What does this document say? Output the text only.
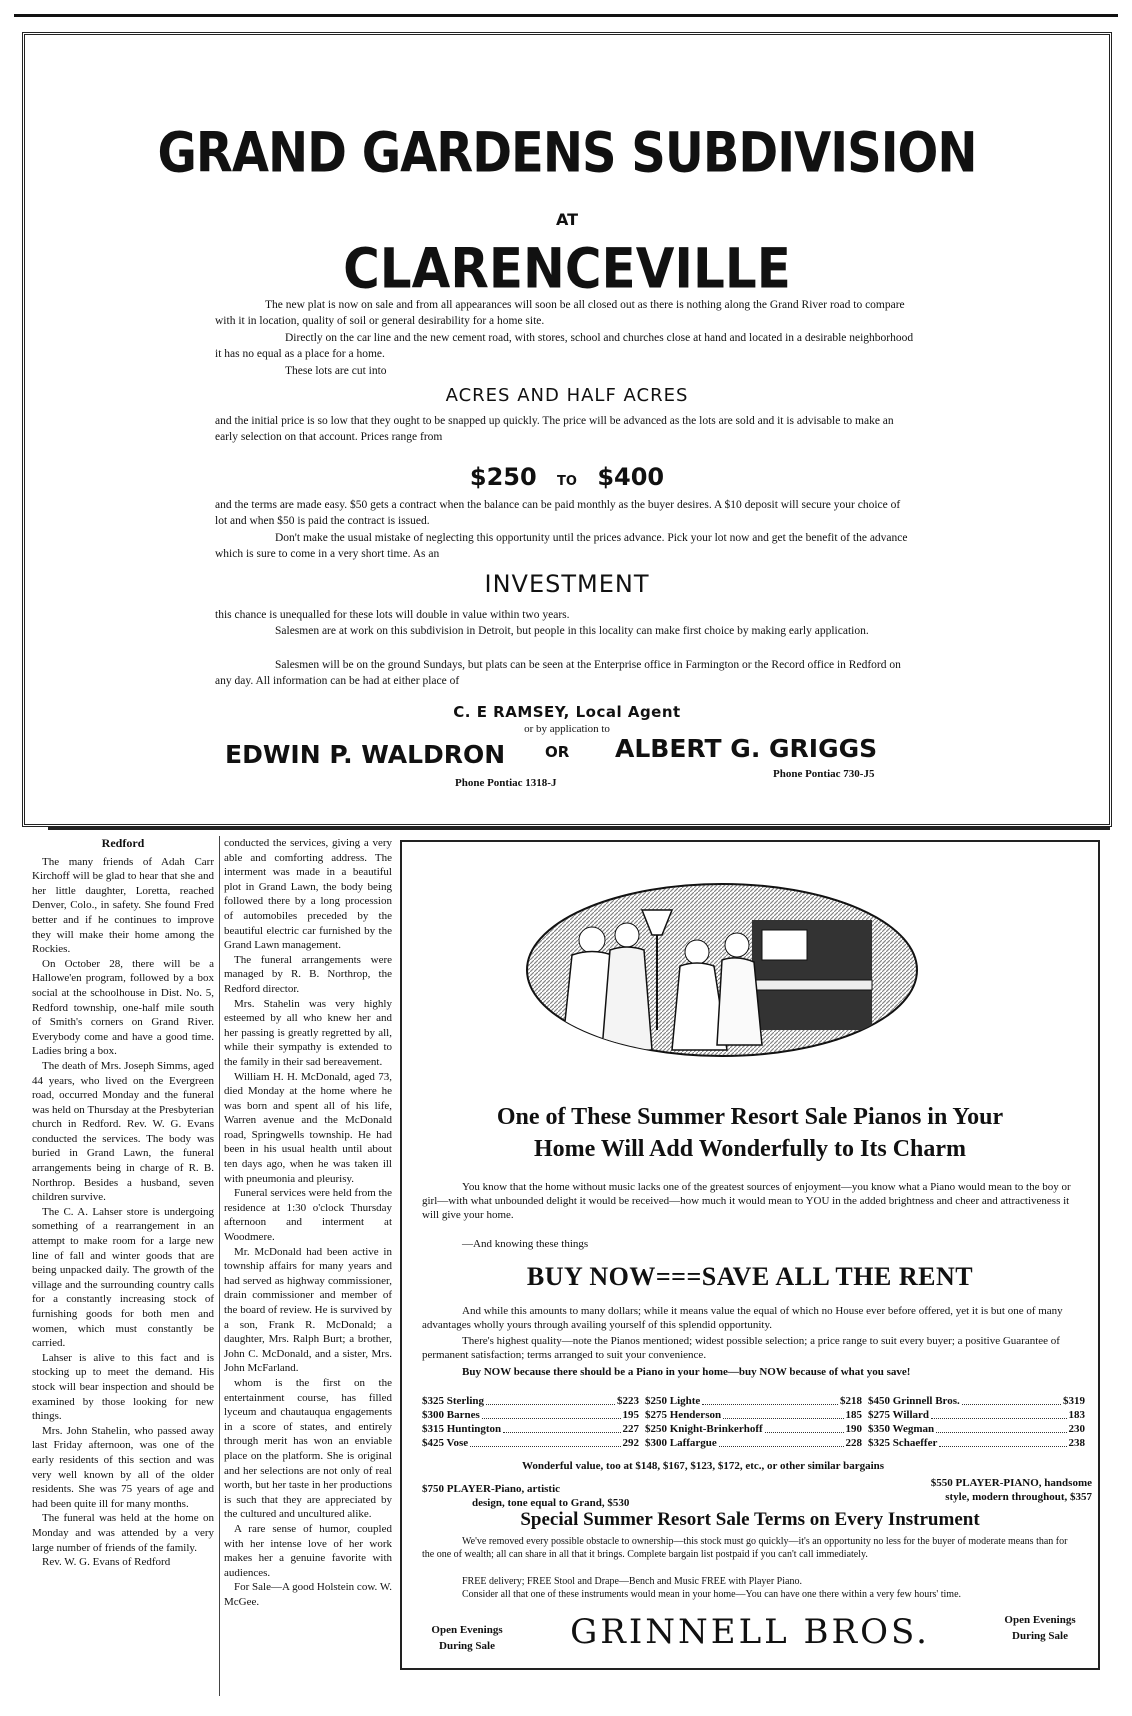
GRAND GARDENS SUBDIVISION
AT
CLARENCEVILLE

The new plat is now on sale and from all appearances will soon be all closed out as there is nothing along the Grand River road to compare with it in location, quality of soil or general desirability for a home site.

Directly on the car line and the new cement road, with stores, school and churches close at hand and located in a desirable neighborhood it has no equal as a place for a home.

These lots are cut into

ACRES AND HALF ACRES

and the initial price is so low that they ought to be snapped up quickly. The price will be advanced as the lots are sold and it is advisable to make an early selection on that account. Prices range from

$250 TO $400

and the terms are made easy. $50 gets a contract when the balance can be paid monthly as the buyer desires. A $10 deposit will secure your choice of lot and when $50 is paid the contract is issued.

Don't make the usual mistake of neglecting this opportunity until the prices advance. Pick your lot now and get the benefit of the advance which is sure to come in a very short time. As an

INVESTMENT

this chance is unequalled for these lots will double in value within two years.

Salesmen are at work on this subdivision in Detroit, but people in this locality can make first choice by making early application.

Salesmen will be on the ground Sundays, but plats can be seen at the Enterprise office in Farmington or the Record office in Redford on any day. All information can be had at either place of

C. E RAMSEY, Local Agent
or by application to
EDWIN P. WALDRON	OR ALBERT G. GRIGGS
Phone Pontiac 1318-J
Phone Pontiac 730-J5
Redford

The many friends of Adah Carr Kirchoff will be glad to hear that she and her little daughter, Loretta, reached Denver, Colo., in safety. She found Fred better and if he continues to improve they will make their home among the Rockies.

On October 28, there will be a Hallowe'en program, followed by a box social at the schoolhouse in Dist. No. 5, Redford township, one-half mile south of Smith's corners on Grand River. Everybody come and have a good time. Ladies bring a box.

The death of Mrs. Joseph Simms, aged 44 years, who lived on the Evergreen road, occurred Monday and the funeral was held on Thursday at the Presbyterian church in Redford. Rev. W. G. Evans conducted the services. The body was buried in Grand Lawn, the funeral arrangements being in charge of R. B. Northrop. Besides a husband, seven children survive.

The C. A. Lahser store is undergoing something of a rearrangement in an attempt to make room for a large new line of fall and winter goods that are being unpacked daily. The growth of the village and the surrounding country calls for a constantly increasing stock of furnishing goods for both men and women, which must constantly be carried.

Lahser is alive to this fact and is stocking up to meet the demand. His stock will bear inspection and should be examined by those looking for new things.

Mrs. John Stahelin, who passed away last Friday afternoon, was one of the early residents of this section and was very well known by all of the older residents. She was 75 years of age and had been quite ill for many months.

The funeral was held at the home on Monday and was attended by a very large number of friends of the family.

Rev. W. G. Evans of Redford

conducted the services, giving a very able and comforting address. The interment was made in a beautiful plot in Grand Lawn, the body being followed there by a long procession of automobiles preceded by the beautiful electric car furnished by the Grand Lawn management.

The funeral arrangements were managed by R. B. Northrop, the Redford director.

Mrs. Stahelin was very highly esteemed by all who knew her and her passing is greatly regretted by all, while their sympathy is extended to the family in their sad bereavement.

William H. H. McDonald, aged 73, died Monday at the home where he was born and spent all of his life, Warren avenue and the McDonald road, Springwells township. He had been in his usual health until about ten days ago, when he was taken ill with pneumonia and pleurisy.

Funeral services were held from the residence at 1:30 o'clock Thursday afternoon and interment at Woodmere.

Mr. McDonald had been active in township affairs for many years and had served as highway commissioner, drain commissioner and member of the board of review. He is survived by a son, Frank R. McDonald; a daughter, Mrs. Ralph Burt; a brother, John C. McDonald, and a sister, Mrs. John McFarland.

whom is the first on the entertainment course, has filled lyceum and chautauqua engagements in a score of states, and entirely through merit has won an enviable place on the platform. She is original and her selections are not only of real worth, but her taste in her productions is such that they are appreciated by the cultured and uncultured alike.

A rare sense of humor, coupled with her intense love of her work makes her a genuine favorite with audiences.

For Sale—A good Holstein cow. W. McGee.

One of These Summer Resort Sale Pianos in Your
Home Will Add Wonderfully to Its Charm

You know that the home without music lacks one of the greatest sources of enjoyment—you know what a Piano would mean to the boy or girl—with what unbounded delight it would be received—how much it would mean to YOU in the added brightness and cheer and attractiveness it will give your home.

—And knowing these things

BUY NOW===SAVE ALL THE RENT

And while this amounts to many dollars; while it means value the equal of which no House ever before offered, yet it is but one of many advantages wholly yours through availing yourself of this splendid opportunity.

There's highest quality—note the Pianos mentioned; widest possible selection; a price range to suit every buyer; a positive Guarantee of permanent satisfaction; terms arranged to suit your convenience.

Buy NOW because there should be a Piano in your home—buy NOW because of what you save!

$325 Sterling	$223 $250 Lighte	$218 $450 Grinnell Bros.	$319
$300 Barnes	195 $275 Henderson	185 $275 Willard	183
$315 Huntington	227 $250 Knight-Brinkerhoff	190 $350 Wegman	230
$425 Vose	292 $300 Laffargue	228 $325 Schaeffer	238

Wonderful value, too at $148, $167, $123, $172, etc., or other similar bargains

$750 PLAYER-Piano, artistic

design, tone equal to Grand, $530

$550 PLAYER-PIANO, handsome

style, modern throughout, $357

Special Summer Resort Sale Terms on Every Instrument

We've removed every possible obstacle to ownership—this stock must go quickly—it's an opportunity no less for the buyer of moderate means than for the one of wealth; all can share in all that it brings. Complete bargain list postpaid if you can't call immediately.

FREE delivery; FREE Stool and Drape—Bench and Music FREE with Player Piano.

Consider all that one of these instruments would mean in your home—You can have one there within a very few hours' time.

Open Evenings
During Sale	GRINNELL BROS.	Open Evenings
During Sale
